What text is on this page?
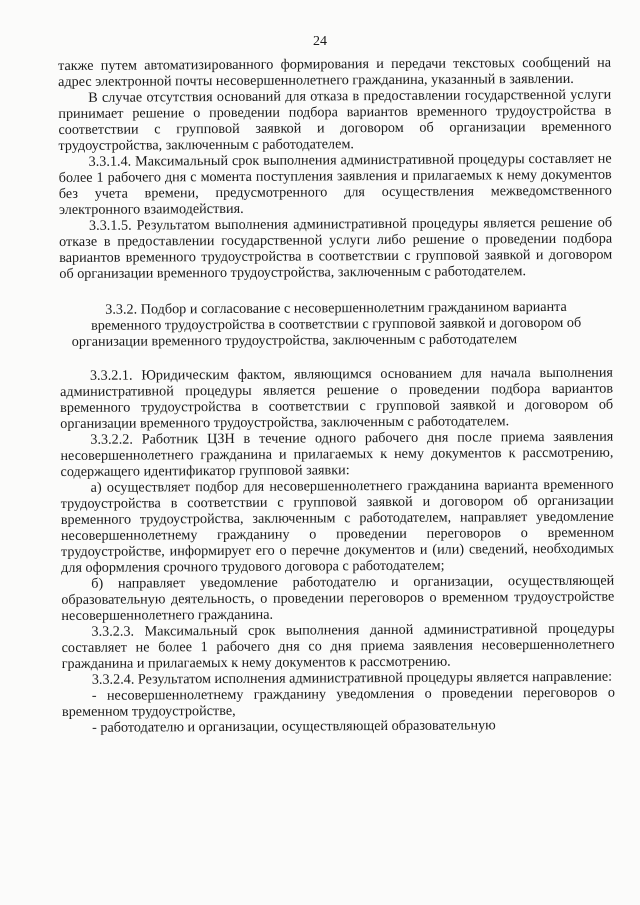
24

также путем автоматизированного формирования и передачи текстовых сообщений на адрес электронной почты несовершеннолетнего гражданина, указанный в заявлении.

В случае отсутствия оснований для отказа в предоставлении государственной услуги принимает решение о проведении подбора вариантов временного трудоустройства в соответствии с групповой заявкой и договором об организации временного трудоустройства, заключенным с работодателем.

3.3.1.4. Максимальный срок выполнения административной процедуры составляет не более 1 рабочего дня с момента поступления заявления и прилагаемых к нему документов без учета времени, предусмотренного для осуществления межведомственного электронного взаимодействия.

3.3.1.5. Результатом выполнения административной процедуры является решение об отказе в предоставлении государственной услуги либо решение о проведении подбора вариантов временного трудоустройства в соответствии с групповой заявкой и договором об организации временного трудоустройства, заключенным с работодателем.

3.3.2. Подбор и согласование с несовершеннолетним гражданином варианта временного трудоустройства в соответствии с групповой заявкой и договором об организации временного трудоустройства, заключенным с работодателем

3.3.2.1. Юридическим фактом, являющимся основанием для начала выполнения административной процедуры является решение о проведении подбора вариантов временного трудоустройства в соответствии с групповой заявкой и договором об организации временного трудоустройства, заключенным с работодателем.

3.3.2.2. Работник ЦЗН в течение одного рабочего дня после приема заявления несовершеннолетнего гражданина и прилагаемых к нему документов к рассмотрению, содержащего идентификатор групповой заявки:

а) осуществляет подбор для несовершеннолетнего гражданина варианта временного трудоустройства в соответствии с групповой заявкой и договором об организации временного трудоустройства, заключенным с работодателем, направляет уведомление несовершеннолетнему гражданину о проведении переговоров о временном трудоустройстве, информирует его о перечне документов и (или) сведений, необходимых для оформления срочного трудового договора с работодателем;

б) направляет уведомление работодателю и организации, осуществляющей образовательную деятельность, о проведении переговоров о временном трудоустройстве несовершеннолетнего гражданина.

3.3.2.3. Максимальный срок выполнения данной административной процедуры составляет не более 1 рабочего дня со дня приема заявления несовершеннолетнего гражданина и прилагаемых к нему документов к рассмотрению.

3.3.2.4. Результатом исполнения административной процедуры является направление:

- несовершеннолетнему гражданину уведомления о проведении переговоров о временном трудоустройстве,

- работодателю и организации, осуществляющей образовательную
